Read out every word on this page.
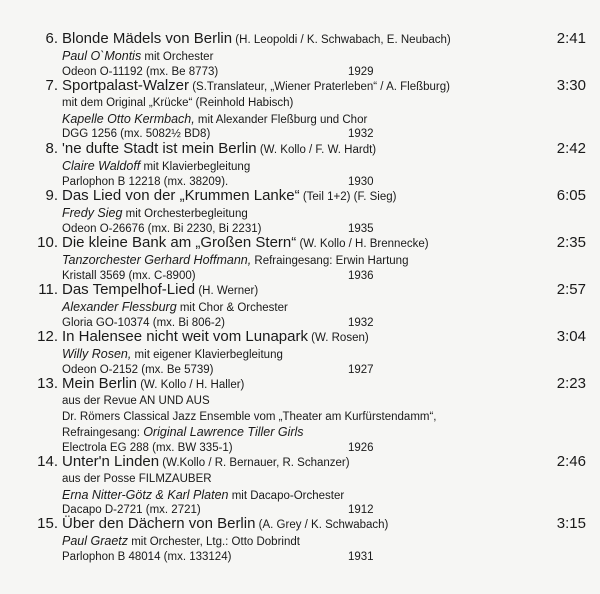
6. Blonde Mädels von Berlin (H. Leopoldi / K. Schwabach, E. Neubach)	2:41
Paul O`Montis mit Orchester
Odeon O-11192 (mx. Be 8773)	1929
7. Sportpalast-Walzer (S.Translateur, „Wiener Praterleben“ / A. Fleßburg)	3:30
mit dem Original „Krücke“ (Reinhold Habisch)
Kapelle Otto Kermbach, mit Alexander Fleßburg und Chor
DGG 1256 (mx. 5082½ BD8)	1932
8. 'ne dufte Stadt ist mein Berlin (W. Kollo / F. W. Hardt)	2:42
Claire Waldoff mit Klavierbegleitung
Parlophon B 12218 (mx. 38209).	1930
9. Das Lied von der „Krummen Lanke“ (Teil 1+2) (F. Sieg)	6:05
Fredy Sieg mit Orchesterbegleitung
Odeon O-26676 (mx. Bi 2230, Bi 2231)	1935
10. Die kleine Bank am „Großen Stern“ (W. Kollo / H. Brennecke)	2:35
Tanzorchester Gerhard Hoffmann, Refraingesang: Erwin Hartung
Kristall 3569 (mx. C-8900)	1936
11. Das Tempelhof-Lied (H. Werner)	2:57
Alexander Flessburg mit Chor & Orchester
Gloria GO-10374 (mx. Bi 806-2)	1932
12. In Halensee nicht weit vom Lunapark (W. Rosen)	3:04
Willy Rosen, mit eigener Klavierbegleitung
Odeon O-2152 (mx. Be 5739)	1927
13. Mein Berlin (W. Kollo / H. Haller)	2:23
aus der Revue AN UND AUS
Dr. Römers Classical Jazz Ensemble vom „Theater am Kurfürstendamm“,
Refraingesang: Original Lawrence Tiller Girls
Electrola EG 288 (mx. BW 335-1)	1926
14. Unter'n Linden (W.Kollo / R. Bernauer, R. Schanzer)	2:46
aus der Posse FILMZAUBER
Erna Nitter-Götz & Karl Platen mit Dacapo-Orchester
Dacapo D-2721 (mx. 2721)	1912
15. Über den Dächern von Berlin (A. Grey / K. Schwabach)	3:15
Paul Graetz mit Orchester, Ltg.: Otto Dobrindt
Parlophon B 48014 (mx. 133124)	1931
